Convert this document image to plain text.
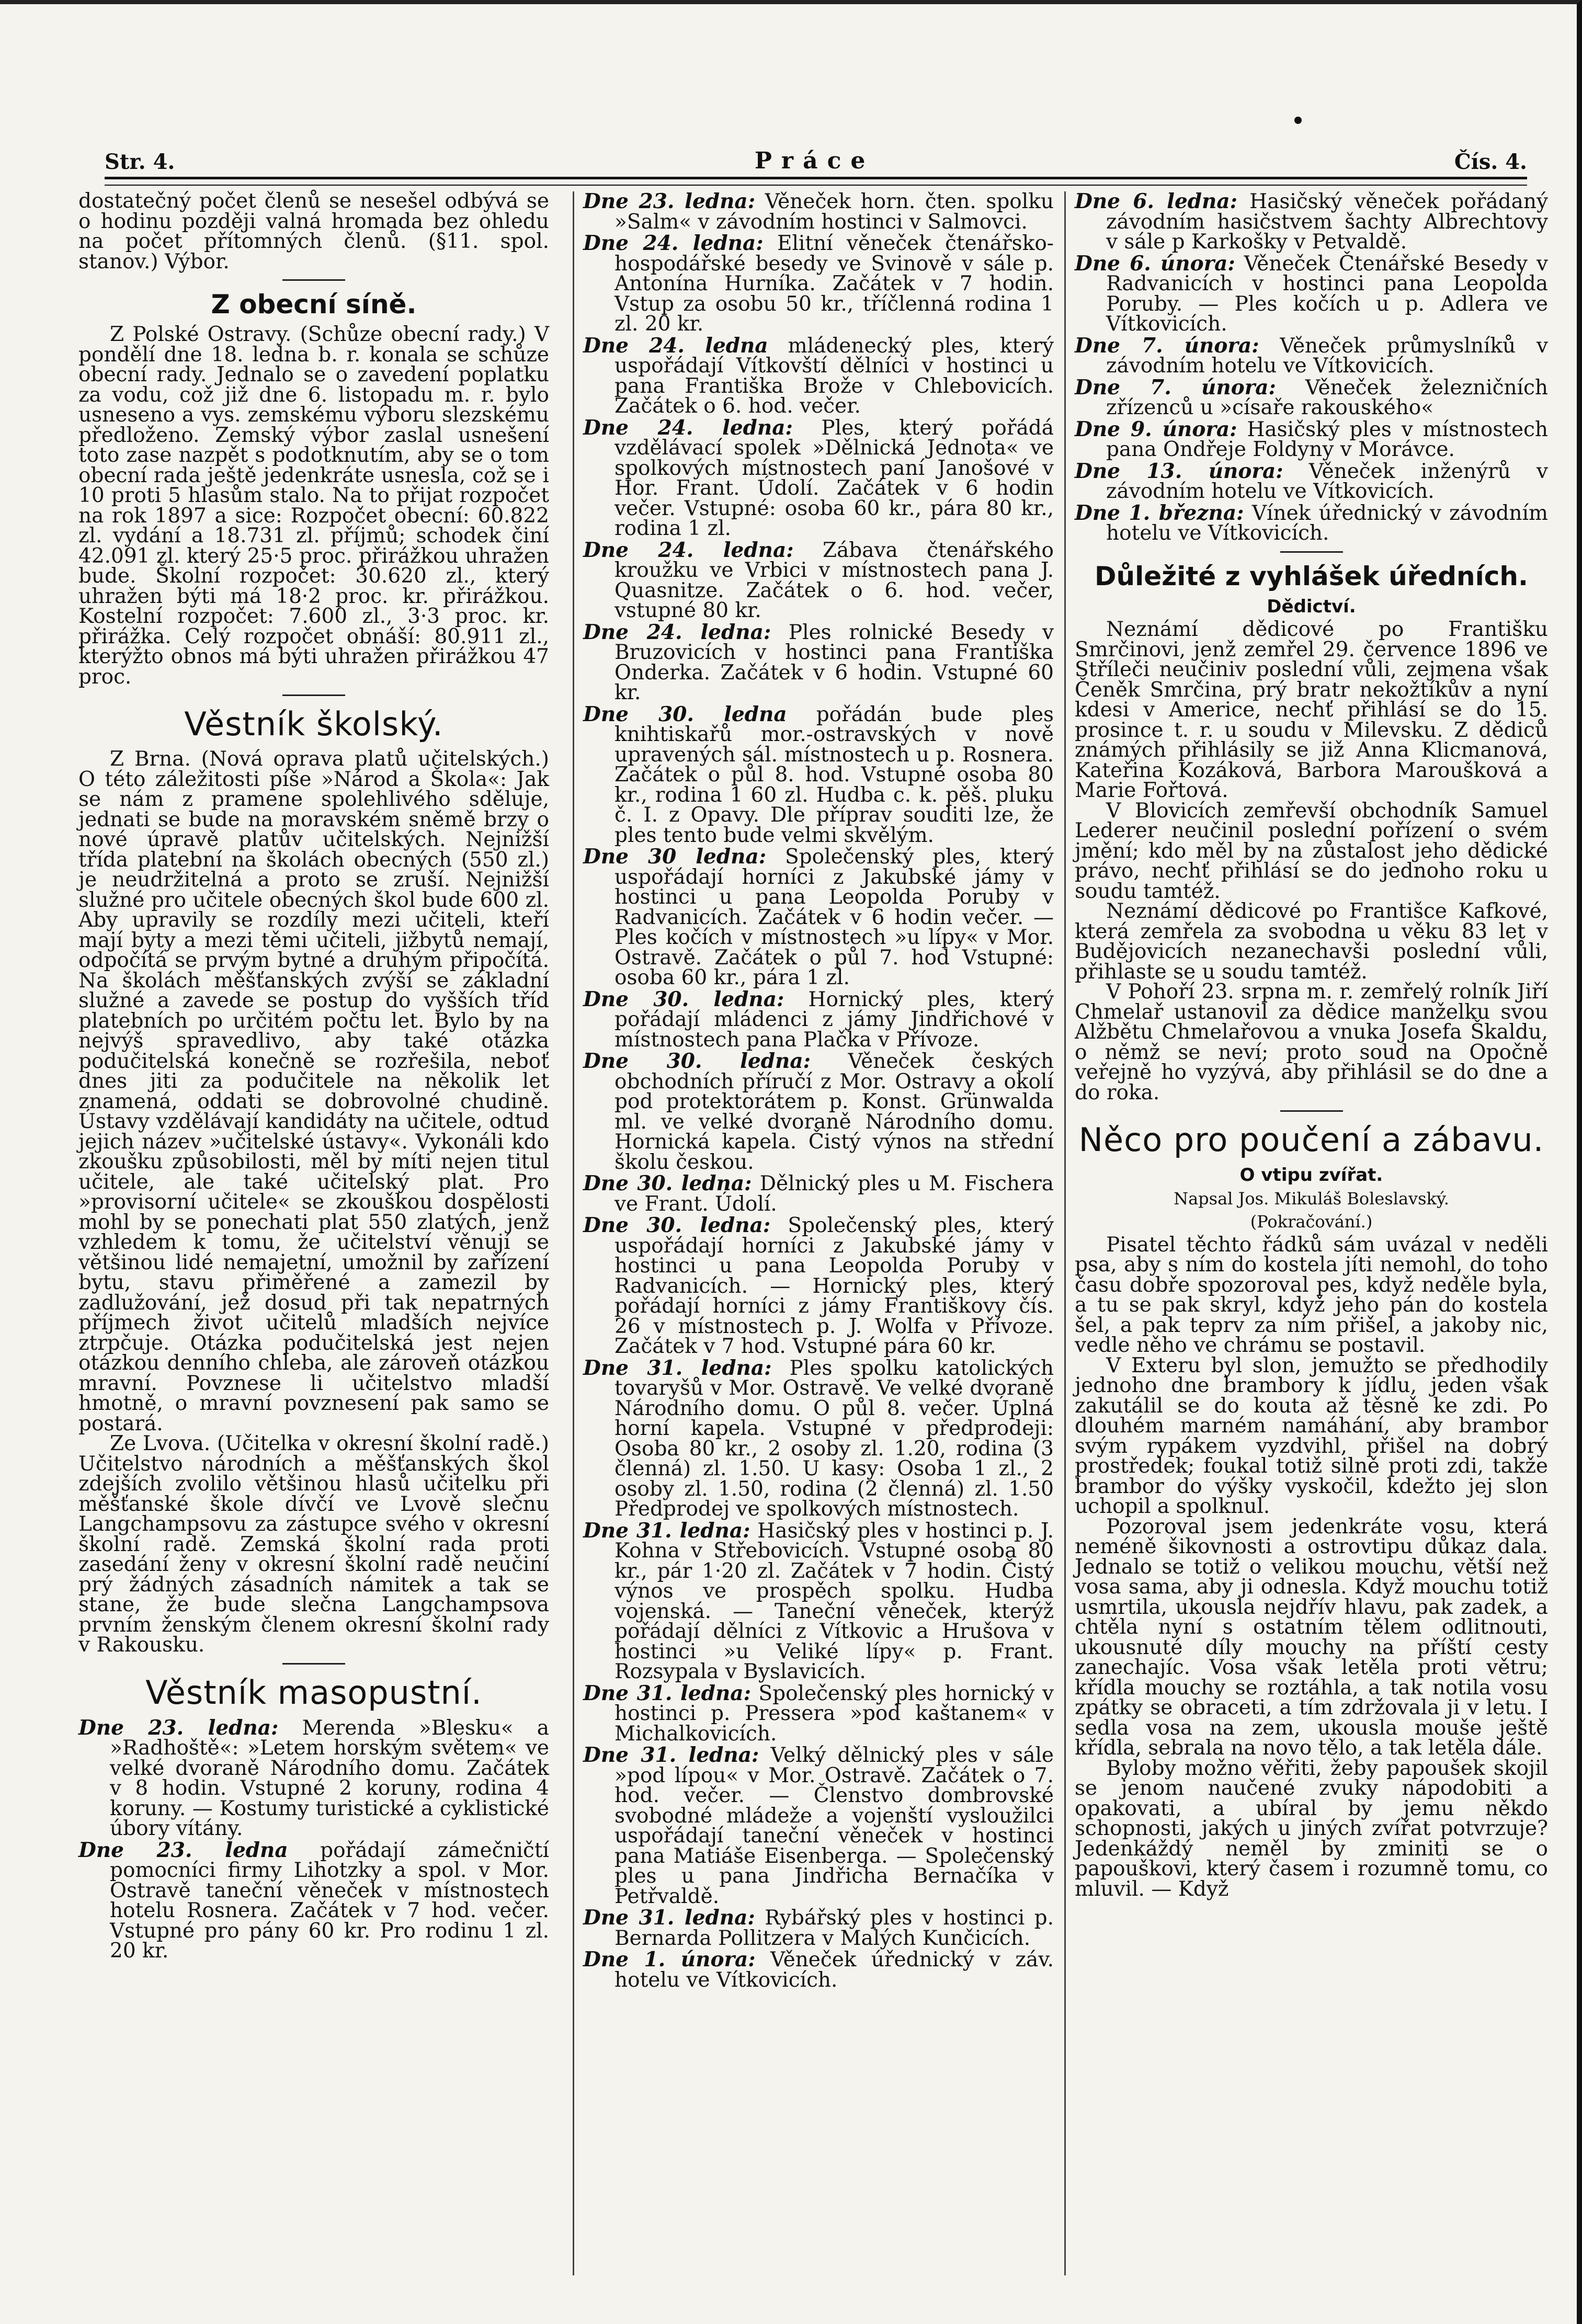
Str. 4.	Práce	Čís. 4.

dostatečný počet členů se nesešel odbývá se o hodinu později valná hromada bez ohledu na počet přítomných členů. (§11. spol. stanov.) Výbor.

Z obecní síně.

Z Polské Ostravy. (Schůze obecní rady.) V pondělí dne 18. ledna b. r. konala se schůze obecní rady. Jednalo se o zavedení poplatku za vodu, což již dne 6. listopadu m. r. bylo usneseno a vys. zemskému výboru slezskému předloženo. Zemský výbor zaslal usnešení toto zase nazpět s podotknutím, aby se o tom obecní rada ještě jedenkráte usnesla, což se i 10 proti 5 hlasům stalo. Na to přijat rozpočet na rok 1897 a sice: Rozpočet obecní: 60.822 zl. vydání a 18.731 zl. příjmů; schodek činí 42.091 zl. který 25·5 proc. přirážkou uhražen bude. Školní rozpočet: 30.620 zl., který uhražen býti má 18·2 proc. kr. přirážkou. Kostelní rozpočet: 7.600 zl., 3·3 proc. kr. přirážka. Celý rozpočet obnáší: 80.911 zl., kterýžto obnos má býti uhražen přirážkou 47 proc.

Věstník školský.

Z Brna. (Nová oprava platů učitelských.) O této záležitosti píše »Národ a Škola«: Jak se nám z pramene spolehlivého sděluje, jednati se bude na moravském sněmě brzy o nové úpravě platův učitelských. Nejnižší třída platební na školách obecných (550 zl.) je neudržitelná a proto se zruší. Nejnižší služné pro učitele obecných škol bude 600 zl. Aby upravily se rozdíly mezi učiteli, kteří mají byty a mezi těmi učiteli, jižbytů nemají, odpočítá se prvým bytné a druhým připočítá. Na školách měšťanských zvýší se základní služné a zavede se postup do vyšších tříd platebních po určitém počtu let. Bylo by na nejvýš spravedlivo, aby také otázka podučitelská konečně se rozřešila, neboť dnes jiti za podučitele na několik let znamená, oddati se dobrovolné chudině. Ústavy vzdělávají kandidáty na učitele, odtud jejich název »učitelské ústavy«. Vykonáli kdo zkoušku způsobilosti, měl by míti nejen titul učitele, ale také učitelský plat. Pro »provisorní učitele« se zkouškou dospělosti mohl by se ponechati plat 550 zlatých, jenž vzhledem k tomu, že učitelství věnují se většinou lidé nemajetní, umožnil by zařízení bytu, stavu přiměřené a zamezil by zadlužování, jež dosud při tak nepatrných příjmech život učitelů mladších nejvíce ztrpčuje. Otázka podučitelská jest nejen otázkou denního chleba, ale zároveň otázkou mravní. Povznese li učitelstvo mladší hmotně, o mravní povznesení pak samo se postará.

Ze Lvova. (Učitelka v okresní školní radě.) Učitelstvo národních a měšťanských škol zdejších zvolilo většinou hlasů učitelku při měšťanské škole dívčí ve Lvově slečnu Langchampsovu za zástupce svého v okresní školní radě. Zemská školní rada proti zasedání ženy v okresní školní radě neučiní prý žádných zásadních námitek a tak se stane, že bude slečna Langchampsova prvním ženským členem okresní školní rady v Rakousku.

Věstník masopustní.

Dne 23. ledna: Merenda »Blesku« a »Radhoště«: »Letem horským světem« ve velké dvoraně Národního domu. Začátek v 8 hodin. Vstupné 2 koruny, rodina 4 koruny. — Kostumy turistické a cyklistické úbory vítány.

Dne 23. ledna pořádají zámečničtí pomocníci firmy Lihotzky a spol. v Mor. Ostravě taneční věneček v místnostech hotelu Rosnera. Začátek v 7 hod. večer. Vstupné pro pány 60 kr. Pro rodinu 1 zl. 20 kr.

Dne 23. ledna: Věneček horn. čten. spolku »Salm« v závodním hostinci v Salmovci.

Dne 24. ledna: Elitní věneček čtenářsko-hospodářské besedy ve Svinově v sále p. Antonína Hurníka. Začátek v 7 hodin. Vstup za osobu 50 kr., tříčlenná rodina 1 zl. 20 kr.

Dne 24. ledna mládenecký ples, který uspořádají Vítkovští dělníci v hostinci u pana Františka Brože v Chlebovicích. Začátek o 6. hod. večer.

Dne 24. ledna: Ples, který pořádá vzdělávací spolek »Dělnická Jednota« ve spolkových místnostech paní Janošové v Hor. Frant. Údolí. Začátek v 6 hodin večer. Vstupné: osoba 60 kr., pára 80 kr., rodina 1 zl.

Dne 24. ledna: Zábava čtenářského kroužku ve Vrbici v místnostech pana J. Quasnitze. Začátek o 6. hod. večer, vstupné 80 kr.

Dne 24. ledna: Ples rolnické Besedy v Bruzovicích v hostinci pana Františka Onderka. Začátek v 6 hodin. Vstupné 60 kr.

Dne 30. ledna pořádán bude ples knihtiskařů mor.-ostravských v nově upravených sál. místnostech u p. Rosnera. Začátek o půl 8. hod. Vstupné osoba 80 kr., rodina 1 60 zl. Hudba c. k. pěš. pluku č. I. z Opavy. Dle příprav souditi lze, že ples tento bude velmi skvělým.

Dne 30 ledna: Společenský ples, který uspořádají horníci z Jakubské jámy v hostinci u pana Leopolda Poruby v Radvanicích. Začátek v 6 hodin večer. — Ples kočích v místnostech »u lípy« v Mor. Ostravě. Začátek o půl 7. hod Vstupné: osoba 60 kr., pára 1 zl.

Dne 30. ledna: Hornický ples, který pořádají mládenci z jámy Jindřichové v místnostech pana Plačka v Přívoze.

Dne 30. ledna: Věneček českých obchodních příručí z Mor. Ostravy a okolí pod protektorátem p. Konst. Grünwalda ml. ve velké dvoraně Národního domu. Hornická kapela. Čistý výnos na střední školu českou.

Dne 30. ledna: Dělnický ples u M. Fischera ve Frant. Údolí.

Dne 30. ledna: Společenský ples, který uspořádají horníci z Jakubské jámy v hostinci u pana Leopolda Poruby v Radvanicích. — Hornický ples, který pořádají horníci z jámy Františkovy čís. 26 v místnostech p. J. Wolfa v Přívoze. Začátek v 7 hod. Vstupné pára 60 kr.

Dne 31. ledna: Ples spolku katolických tovaryšů v Mor. Ostravě. Ve velké dvoraně Národního domu. O půl 8. večer. Úplná horní kapela. Vstupné v předprodeji: Osoba 80 kr., 2 osoby zl. 1.20, rodina (3 členná) zl. 1.50. U kasy: Osoba 1 zl., 2 osoby zl. 1.50, rodina (2 členná) zl. 1.50 Předprodej ve spolkových místnostech.

Dne 31. ledna: Hasičský ples v hostinci p. J. Kohna v Střebovicích. Vstupné osoba 80 kr., pár 1·20 zl. Začátek v 7 hodin. Čistý výnos ve prospěch spolku. Hudba vojenská. — Taneční věneček, kterýž pořádají dělníci z Vítkovic a Hrušova v hostinci »u Veliké lípy« p. Frant. Rozsypala v Byslavicích.

Dne 31. ledna: Společenský ples hornický v hostinci p. Pressera »pod kaštanem« v Michalkovicích.

Dne 31. ledna: Velký dělnický ples v sále »pod lípou« v Mor. Ostravě. Začátek o 7. hod. večer. — Členstvo dombrovské svobodné mládeže a vojenští vysloužilci uspořádají taneční věneček v hostinci pana Matiáše Eisenberga. — Společenský ples u pana Jindřicha Bernačíka v Petřvaldě.

Dne 31. ledna: Rybářský ples v hostinci p. Bernarda Pollitzera v Malých Kunčicích.

Dne 1. února: Věneček úřednický v záv. hotelu ve Vítkovicích.

Dne 6. ledna: Hasičský věneček pořádaný závodním hasičstvem šachty Albrechtovy v sále p Karkošky v Petvaldě.

Dne 6. února: Věneček Čtenářské Besedy v Radvanicích v hostinci pana Leopolda Poruby. — Ples kočích u p. Adlera ve Vítkovicích.

Dne 7. února: Věneček průmyslníků v závodním hotelu ve Vítkovicích.

Dne 7. února: Věneček železničních zřízenců u »císaře rakouského«

Dne 9. února: Hasičský ples v místnostech pana Ondřeje Foldyny v Morávce.

Dne 13. února: Věneček inženýrů v závodním hotelu ve Vítkovicích.

Dne 1. března: Vínek úřednický v závodním hotelu ve Vítkovicích.

Důležité z vyhlášek úředních.
Dědictví.

Neznámí dědicové po Františku Smrčinovi, jenž zemřel 29. července 1896 ve Stříleči neučiniv poslední vůli, zejmena však Čeněk Smrčina, prý bratr nekožtíkův a nyní kdesi v Americe, nechť přihlásí se do 15. prosince t. r. u soudu v Milevsku. Z dědiců známých přihlásily se již Anna Klicmanová, Kateřina Kozáková, Barbora Maroušková a Marie Fořtová.

V Blovicích zemřevší obchodník Samuel Lederer neučinil poslední pořízení o svém jmění; kdo měl by na zůstalost jeho dědické právo, nechť přihlásí se do jednoho roku u soudu tamtéž.

Neznámí dědicové po Františce Kafkové, která zemřela za svobodna u věku 83 let v Budějovicích nezanechavši poslední vůli, přihlaste se u soudu tamtéž.

V Pohoří 23. srpna m. r. zemřelý rolník Jiří Chmelař ustanovil za dědice manželku svou Alžbětu Chmelařovou a vnuka Josefa Škaldu, o němž se neví; proto soud na Opočně veřejně ho vyzývá, aby přihlásil se do dne a do roka.

Něco pro poučení a zábavu.
O vtipu zvířat.
Napsal Jos. Mikuláš Boleslavský.
(Pokračování.)

Pisatel těchto řádků sám uvázal v neděli psa, aby s ním do kostela jíti nemohl, do toho času dobře spozoroval pes, když neděle byla, a tu se pak skryl, když jeho pán do kostela šel, a pak teprv za ním přišel, a jakoby nic, vedle něho ve chrámu se postavil.

V Exteru byl slon, jemužto se předhodily jednoho dne brambory k jídlu, jeden však zakutálil se do kouta až těsně ke zdi. Po dlouhém marném namáhání, aby brambor svým rypákem vyzdvihl, přišel na dobrý prostředek; foukal totiž silně proti zdi, takže brambor do výšky vyskočil, kdežto jej slon uchopil a spolknul.

Pozoroval jsem jedenkráte vosu, která neméně šikovnosti a ostrovtipu důkaz dala. Jednalo se totiž o velikou mouchu, větší než vosa sama, aby ji odnesla. Když mouchu totiž usmrtila, ukousla nejdřív hlavu, pak zadek, a chtěla nyní s ostatním tělem odlitnouti, ukousnuté díly mouchy na příští cesty zanechajíc. Vosa však letěla proti větru; křídla mouchy se roztáhla, a tak notila vosu zpátky se obraceti, a tím zdržovala ji v letu. I sedla vosa na zem, ukousla mouše ještě křídla, sebrala na novo tělo, a tak letěla dále.

Byloby možno věřiti, žeby papoušek skojil se jenom naučené zvuky nápodobiti a opakovati, a ubíral by jemu někdo schopnosti, jakých u jiných zvířat potvrzuje? Jedenkáždý neměl by zminiti se o papouškovi, který časem i rozumně tomu, co mluvil. — Když
